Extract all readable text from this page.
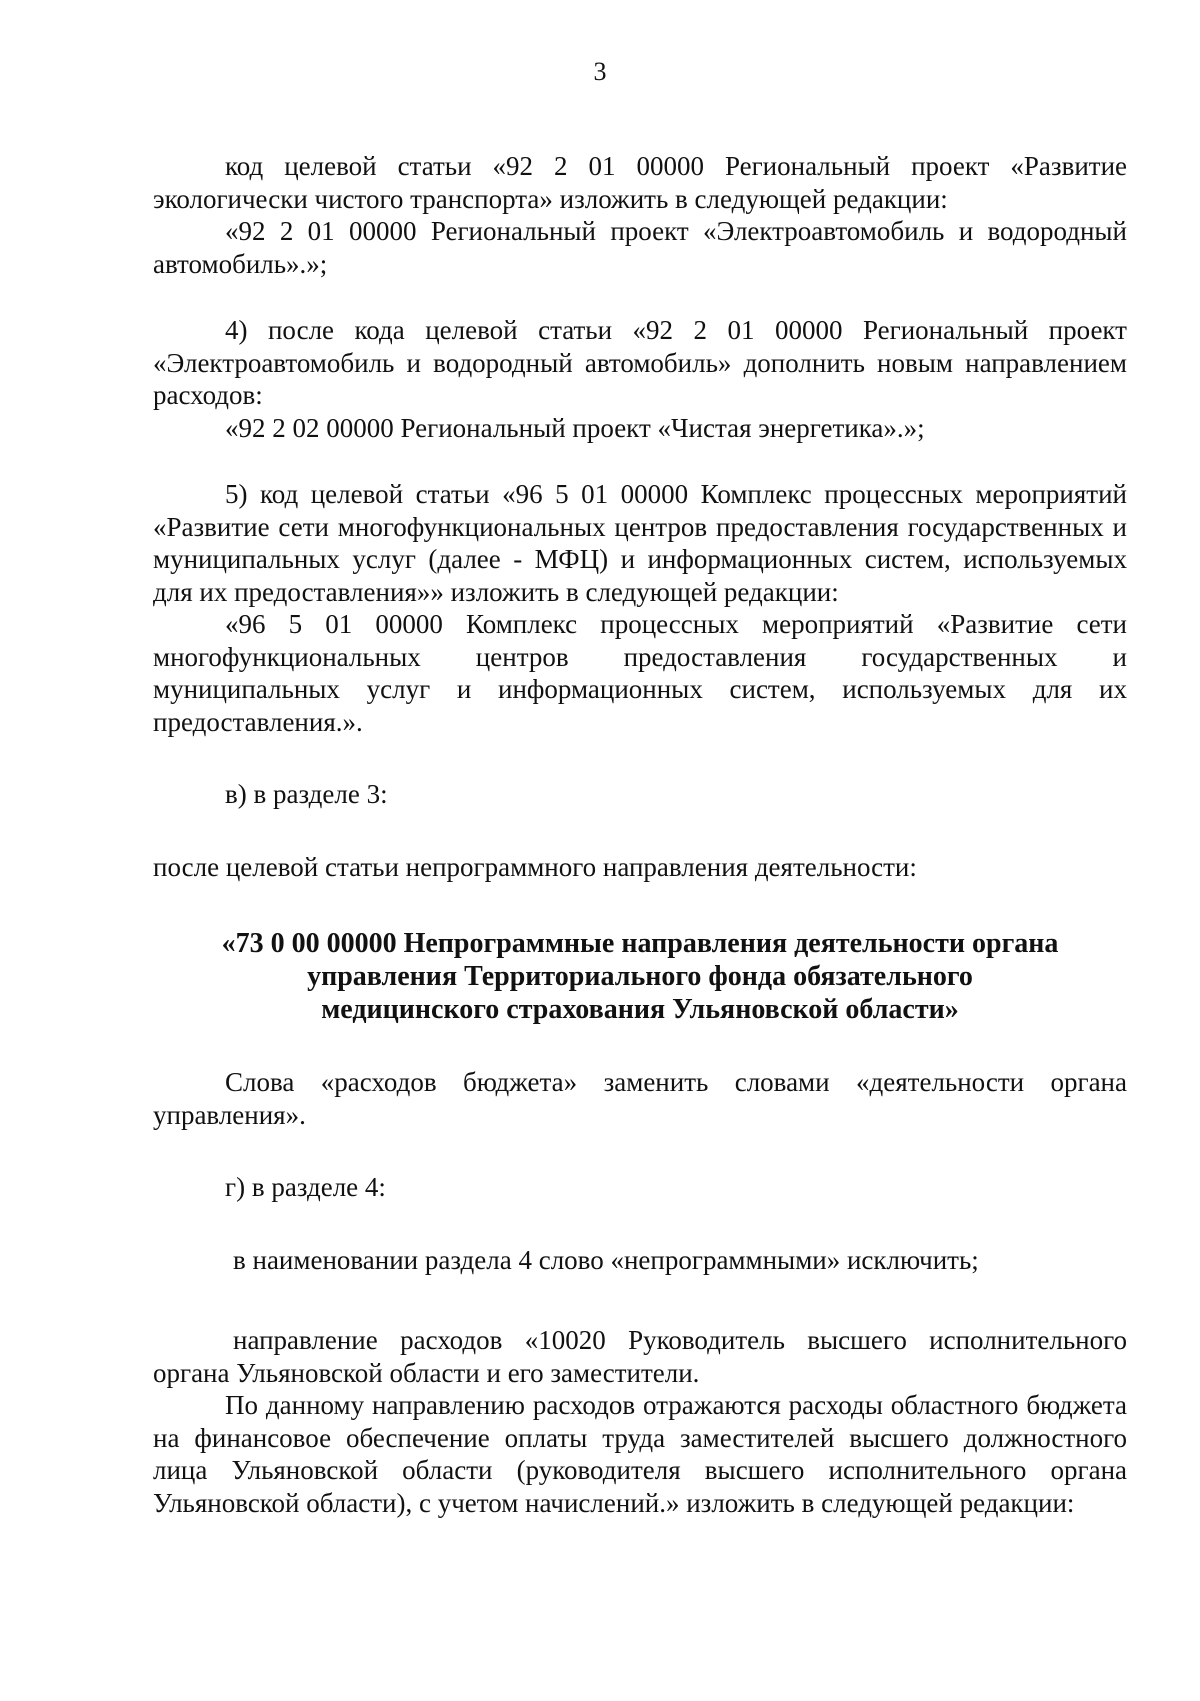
3

код целевой статьи «92 2 01 00000 Региональный проект «Развитие экологически чистого транспорта» изложить в следующей редакции:

«92 2 01 00000 Региональный проект «Электроавтомобиль и водородный автомобиль».»;

4) после кода целевой статьи «92 2 01 00000 Региональный проект «Электроавтомобиль и водородный автомобиль» дополнить новым направлением расходов:

«92 2 02 00000 Региональный проект «Чистая энергетика».»;

5) код целевой статьи «96 5 01 00000 Комплекс процессных мероприятий «Развитие сети многофункциональных центров предоставления государственных и муниципальных услуг (далее - МФЦ) и информационных систем, используемых для их предоставления»» изложить в следующей редакции:

«96 5 01 00000 Комплекс процессных мероприятий «Развитие сети многофункциональных центров предоставления государственных и муниципальных услуг и информационных систем, используемых для их предоставления.».

в) в разделе 3:

после целевой статьи непрограммного направления деятельности:

«73 0 00 00000 Непрограммные направления деятельности органа
управления Территориального фонда обязательного
медицинского страхования Ульяновской области»

Слова «расходов бюджета» заменить словами «деятельности органа управления».

г) в разделе 4:

в наименовании раздела 4 слово «непрограммными» исключить;

направление расходов «10020 Руководитель высшего исполнительного органа Ульяновской области и его заместители.

По данному направлению расходов отражаются расходы областного бюджета на финансовое обеспечение оплаты труда заместителей высшего должностного лица Ульяновской области (руководителя высшего исполнительного органа Ульяновской области), с учетом начислений.» изложить в следующей редакции:
